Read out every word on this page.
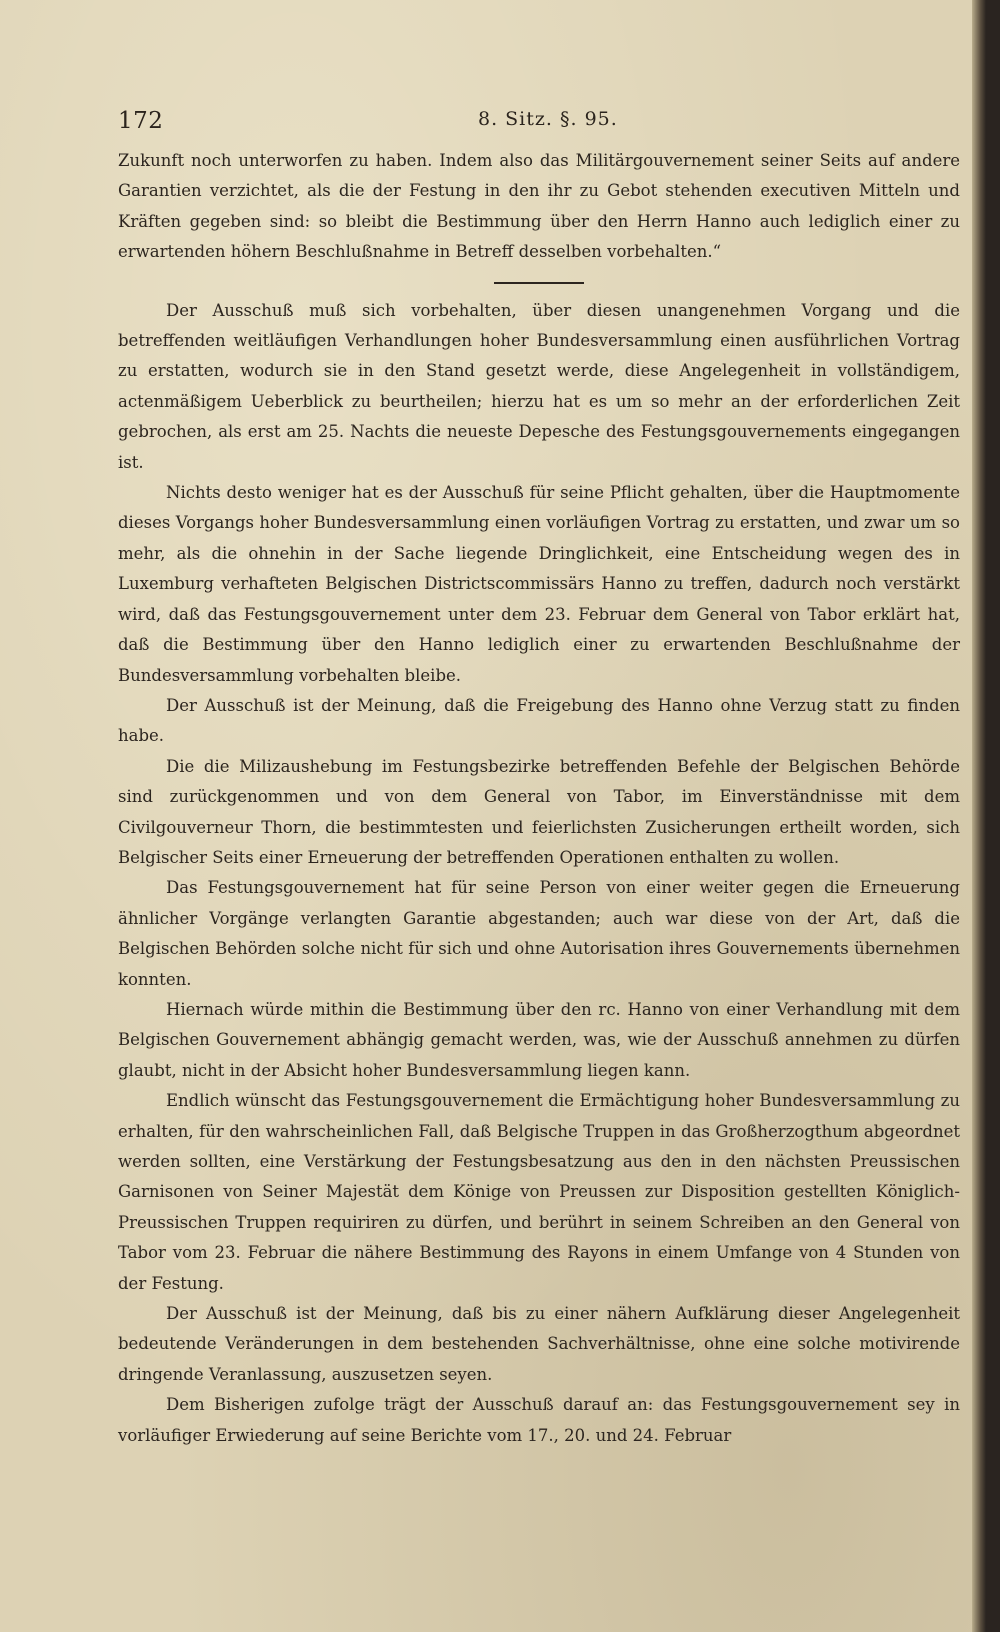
172	8. Sitz. §. 95.

Zukunft noch unterworfen zu haben. Indem also das Militärgouvernement seiner Seits auf andere Garantien verzichtet, als die der Festung in den ihr zu Gebot stehenden executiven Mitteln und Kräften gegeben sind: so bleibt die Bestimmung über den Herrn Hanno auch lediglich einer zu erwartenden höhern Beschlußnahme in Betreff desselben vorbehalten.“

Der Ausschuß muß sich vorbehalten, über diesen unangenehmen Vorgang und die betreffenden weitläufigen Verhandlungen hoher Bundesversammlung einen ausführlichen Vortrag zu erstatten, wodurch sie in den Stand gesetzt werde, diese Angelegenheit in vollständigem, actenmäßigem Ueberblick zu beurtheilen; hierzu hat es um so mehr an der erforderlichen Zeit gebrochen, als erst am 25. Nachts die neueste Depesche des Festungsgouvernements eingegangen ist.

Nichts desto weniger hat es der Ausschuß für seine Pflicht gehalten, über die Hauptmomente dieses Vorgangs hoher Bundesversammlung einen vorläufigen Vortrag zu erstatten, und zwar um so mehr, als die ohnehin in der Sache liegende Dringlichkeit, eine Entscheidung wegen des in Luxemburg verhafteten Belgischen Districtscommissärs Hanno zu treffen, dadurch noch verstärkt wird, daß das Festungsgouvernement unter dem 23. Februar dem General von Tabor erklärt hat, daß die Bestimmung über den Hanno lediglich einer zu erwartenden Beschlußnahme der Bundesversammlung vorbehalten bleibe.

Der Ausschuß ist der Meinung, daß die Freigebung des Hanno ohne Verzug statt zu finden habe.

Die die Milizaushebung im Festungsbezirke betreffenden Befehle der Belgischen Behörde sind zurückgenommen und von dem General von Tabor, im Einverständnisse mit dem Civilgouverneur Thorn, die bestimmtesten und feierlichsten Zusicherungen ertheilt worden, sich Belgischer Seits einer Erneuerung der betreffenden Operationen enthalten zu wollen.

Das Festungsgouvernement hat für seine Person von einer weiter gegen die Erneuerung ähnlicher Vorgänge verlangten Garantie abgestanden; auch war diese von der Art, daß die Belgischen Behörden solche nicht für sich und ohne Autorisation ihres Gouvernements übernehmen konnten.

Hiernach würde mithin die Bestimmung über den rc. Hanno von einer Verhandlung mit dem Belgischen Gouvernement abhängig gemacht werden, was, wie der Ausschuß annehmen zu dürfen glaubt, nicht in der Absicht hoher Bundesversammlung liegen kann.

Endlich wünscht das Festungsgouvernement die Ermächtigung hoher Bundesversammlung zu erhalten, für den wahrscheinlichen Fall, daß Belgische Truppen in das Großherzogthum abgeordnet werden sollten, eine Verstärkung der Festungsbesatzung aus den in den nächsten Preussischen Garnisonen von Seiner Majestät dem Könige von Preussen zur Disposition gestellten Königlich-Preussischen Truppen requiriren zu dürfen, und berührt in seinem Schreiben an den General von Tabor vom 23. Februar die nähere Bestimmung des Rayons in einem Umfange von 4 Stunden von der Festung.

Der Ausschuß ist der Meinung, daß bis zu einer nähern Aufklärung dieser Angelegenheit bedeutende Veränderungen in dem bestehenden Sachverhältnisse, ohne eine solche motivirende dringende Veranlassung, auszusetzen seyen.

Dem Bisherigen zufolge trägt der Ausschuß darauf an: das Festungsgouvernement sey in vorläufiger Erwiederung auf seine Berichte vom 17., 20. und 24. Februar
